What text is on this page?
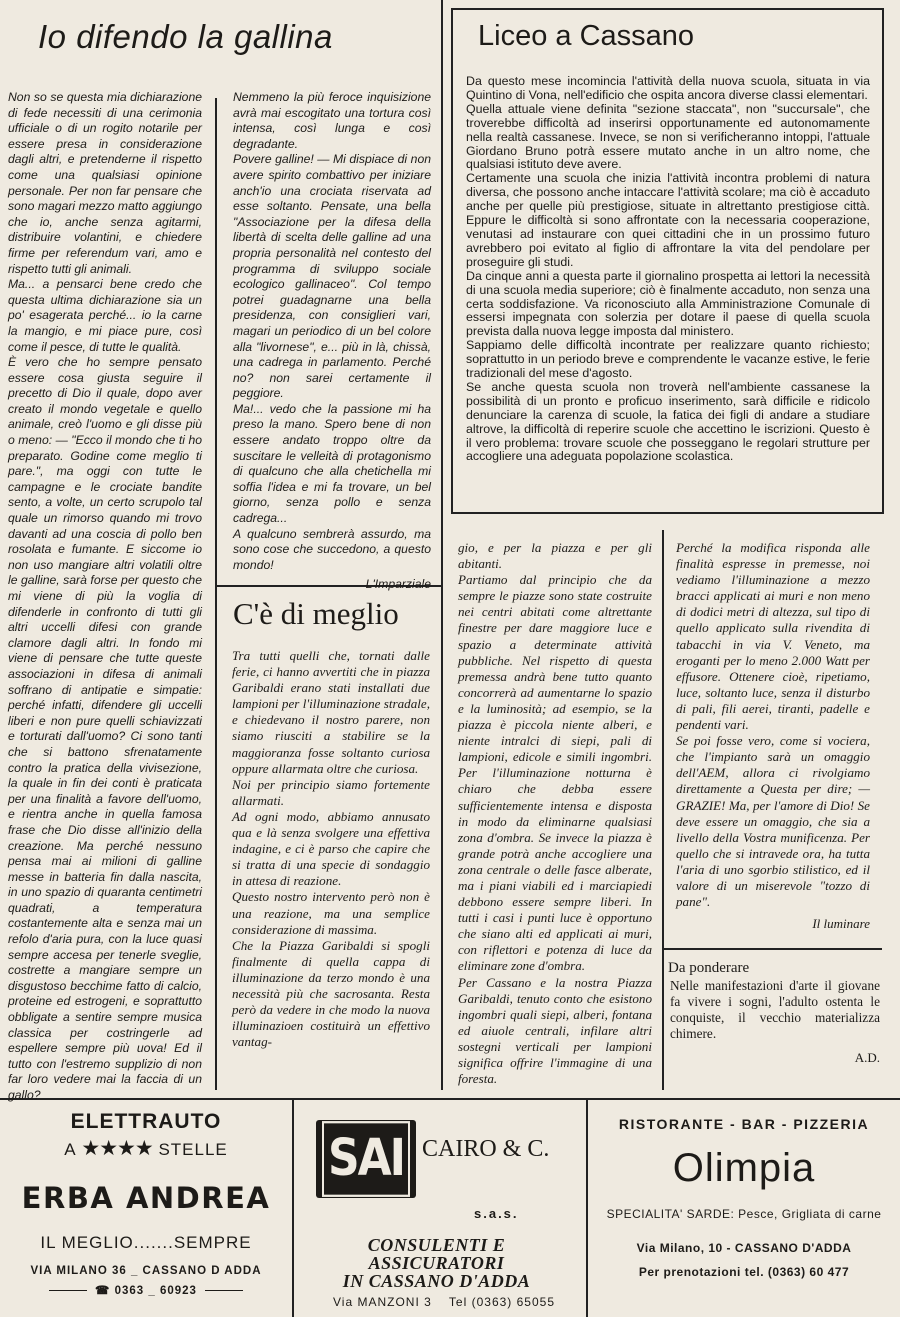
Io difendo la gallina

Non so se questa mia dichiarazione di fede necessiti di una cerimonia ufficiale o di un rogito notarile per essere presa in considerazione dagli altri, e pretenderne il rispetto come una qualsiasi opinione personale. Per non far pensare che sono magari mezzo matto aggiungo che io, anche senza agitarmi, distribuire volantini, e chiedere firme per referendum vari, amo e rispetto tutti gli animali.

Ma... a pensarci bene credo che questa ultima dichiarazione sia un po' esagerata perché... io la carne la mangio, e mi piace pure, così come il pesce, di tutte le qualità.

È vero che ho sempre pensato essere cosa giusta seguire il precetto di Dio il quale, dopo aver creato il mondo vegetale e quello animale, creò l'uomo e gli disse più o meno: — "Ecco il mondo che ti ho preparato. Godine come meglio ti pare.", ma oggi con tutte le campagne e le crociate bandite sento, a volte, un certo scrupolo tal quale un rimorso quando mi trovo davanti ad una coscia di pollo ben rosolata e fumante. E siccome io non uso mangiare altri volatili oltre le galline, sarà forse per questo che mi viene di più la voglia di difenderle in confronto di tutti gli altri uccelli difesi con grande clamore dagli altri. In fondo mi viene di pensare che tutte queste associazioni in difesa di animali soffrano di antipatie e simpatie: perché infatti, difendere gli uccelli liberi e non pure quelli schiavizzati e torturati dall'uomo? Ci sono tanti che si battono sfrenatamente contro la pratica della vivisezione, la quale in fin dei conti è praticata per una finalità a favore dell'uomo, e rientra anche in quella famosa frase che Dio disse all'inizio della creazione. Ma perché nessuno pensa mai ai milioni di galline messe in batteria fin dalla nascita, in uno spazio di quaranta centimetri quadrati, a temperatura costantemente alta e senza mai un refolo d'aria pura, con la luce quasi sempre accesa per tenerle sveglie, costrette a mangiare sempre un disgustoso becchime fatto di calcio, proteine ed estrogeni, e soprattutto obbligate a sentire sempre musica classica per costringerle ad espellere sempre più uova! Ed il tutto con l'estremo supplizio di non far loro vedere mai la faccia di un gallo?

Nemmeno la più feroce inquisizione avrà mai escogitato una tortura così intensa, così lunga e così degradante.

Povere galline! — Mi dispiace di non avere spirito combattivo per iniziare anch'io una crociata riservata ad esse soltanto. Pensate, una bella "Associazione per la difesa della libertà di scelta delle galline ad una propria personalità nel contesto del programma di sviluppo sociale ecologico gallinaceo". Col tempo potrei guadagnarne una bella presidenza, con consiglieri vari, magari un periodico di un bel colore alla "livornese", e... più in là, chissà, una cadrega in parlamento. Perché no? non sarei certamente il peggiore.

Ma!... vedo che la passione mi ha preso la mano. Spero bene di non essere andato troppo oltre da suscitare le velleità di protagonismo di qualcuno che alla chetichella mi soffia l'idea e mi fa trovare, un bel giorno, senza pollo e senza cadrega...

A qualcuno sembrerà assurdo, ma sono cose che succedono, a questo mondo!

L'Imparziale
Liceo a Cassano

Da questo mese incomincia l'attività della nuova scuola, situata in via Quintino di Vona, nell'edificio che ospita ancora diverse classi elementari.

Quella attuale viene definita "sezione staccata", non "succursale", che troverebbe difficoltà ad inserirsi opportunamente ed autonomamente nella realtà cassanese. Invece, se non si verificheranno intoppi, l'attuale Giordano Bruno potrà essere mutato anche in un altro nome, che qualsiasi istituto deve avere.

Certamente una scuola che inizia l'attività incontra problemi di natura diversa, che possono anche intaccare l'attività scolare; ma ciò è accaduto anche per quelle più prestigiose, situate in altrettanto prestigiose città. Eppure le difficoltà si sono affrontate con la necessaria cooperazione, venutasi ad instaurare con quei cittadini che in un prossimo futuro avrebbero poi evitato al figlio di affrontare la vita del pendolare per proseguire gli studi.

Da cinque anni a questa parte il giornalino prospetta ai lettori la necessità di una scuola media superiore; ciò è finalmente accaduto, non senza una certa soddisfazione. Va riconosciuto alla Amministrazione Comunale di essersi impegnata con solerzia per dotare il paese di quella scuola prevista dalla nuova legge imposta dal ministero.

Sappiamo delle difficoltà incontrate per realizzare quanto richiesto; soprattutto in un periodo breve e comprendente le vacanze estive, le ferie tradizionali del mese d'agosto.

Se anche questa scuola non troverà nell'ambiente cassanese la possibilità di un pronto e proficuo inserimento, sarà difficile e ridicolo denunciare la carenza di scuole, la fatica dei figli di andare a studiare altrove, la difficoltà di reperire scuole che accettino le iscrizioni. Questo è il vero problema: trovare scuole che posseggano le regolari strutture per accogliere una adeguata popolazione scolastica.

C'è di meglio

Tra tutti quelli che, tornati dalle ferie, ci hanno avvertiti che in piazza Garibaldi erano stati installati due lampioni per l'illuminazione stradale, e chiedevano il nostro parere, non siamo riusciti a stabilire se la maggioranza fosse soltanto curiosa oppure allarmata oltre che curiosa.

Noi per principio siamo fortemente allarmati.

Ad ogni modo, abbiamo annusato qua e là senza svolgere una effettiva indagine, e ci è parso che capire che si tratta di una specie di sondaggio in attesa di reazione.

Questo nostro intervento però non è una reazione, ma una semplice considerazione di massima.

Che la Piazza Garibaldi si spogli finalmente di quella cappa di illuminazione da terzo mondo è una necessità più che sacrosanta. Resta però da vedere in che modo la nuova illuminazioen costituirà un effettivo vantag-

gio, e per la piazza e per gli abitanti.

Partiamo dal principio che da sempre le piazze sono state costruite nei centri abitati come altrettante finestre per dare maggiore luce e spazio a determinate attività pubbliche. Nel rispetto di questa premessa andrà bene tutto quanto concorrerà ad aumentarne lo spazio e la luminosità; ad esempio, se la piazza è piccola niente alberi, e niente intralci di siepi, pali di lampioni, edicole e simili ingombri. Per l'illuminazione notturna è chiaro che debba essere sufficientemente intensa e disposta in modo da eliminarne qualsiasi zona d'ombra. Se invece la piazza è grande potrà anche accogliere una zona centrale o delle fasce alberate, ma i piani viabili ed i marciapiedi debbono essere sempre liberi. In tutti i casi i punti luce è opportuno che siano alti ed applicati ai muri, con riflettori e potenza di luce da eliminare zone d'ombra.

Per Cassano e la nostra Piazza Garibaldi, tenuto conto che esistono ingombri quali siepi, alberi, fontana ed aiuole centrali, infilare altri sostegni verticali per lampioni significa offrire l'immagine di una foresta.

Perché la modifica risponda alle finalità espresse in premesse, noi vediamo l'illuminazione a mezzo bracci applicati ai muri e non meno di dodici metri di altezza, sul tipo di quello applicato sulla rivendita di tabacchi in via V. Veneto, ma eroganti per lo meno 2.000 Watt per effusore. Ottenere cioè, ripetiamo, luce, soltanto luce, senza il disturbo di pali, fili aerei, tiranti, padelle e pendenti vari.

Se poi fosse vero, come si vociera, che l'impianto sarà un omaggio dell'AEM, allora ci rivolgiamo direttamente a Questa per dire; — GRAZIE! Ma, per l'amore di Dio! Se deve essere un omaggio, che sia a livello della Vostra munificenza. Per quello che si intravede ora, ha tutta l'aria di uno sgorbio stilistico, ed il valore di un miserevole "tozzo di pane".

Il luminare
Da ponderare
Nelle manifestazioni d'arte il giovane fa vivere i sogni, l'adulto ostenta le conquiste, il vecchio materializza chimere.
A.D.
ELETTRAUTO
A ★★★★ STELLE
ERBA ANDREA
IL MEGLIO.......SEMPRE
VIA MILANO 36 _ CASSANO D ADDA
☎ 0363 _ 60923
SAI CAIRO & C.
s.a.s.
CONSULENTI E
ASSICURATORI
IN CASSANO D'ADDA
Via MANZONI 3 Tel (0363) 65055
RISTORANTE - BAR - PIZZERIA
Olimpia
SPECIALITA' SARDE: Pesce, Grigliata di carne
Via Milano, 10 - CASSANO D'ADDA
Per prenotazioni tel. (0363) 60 477
